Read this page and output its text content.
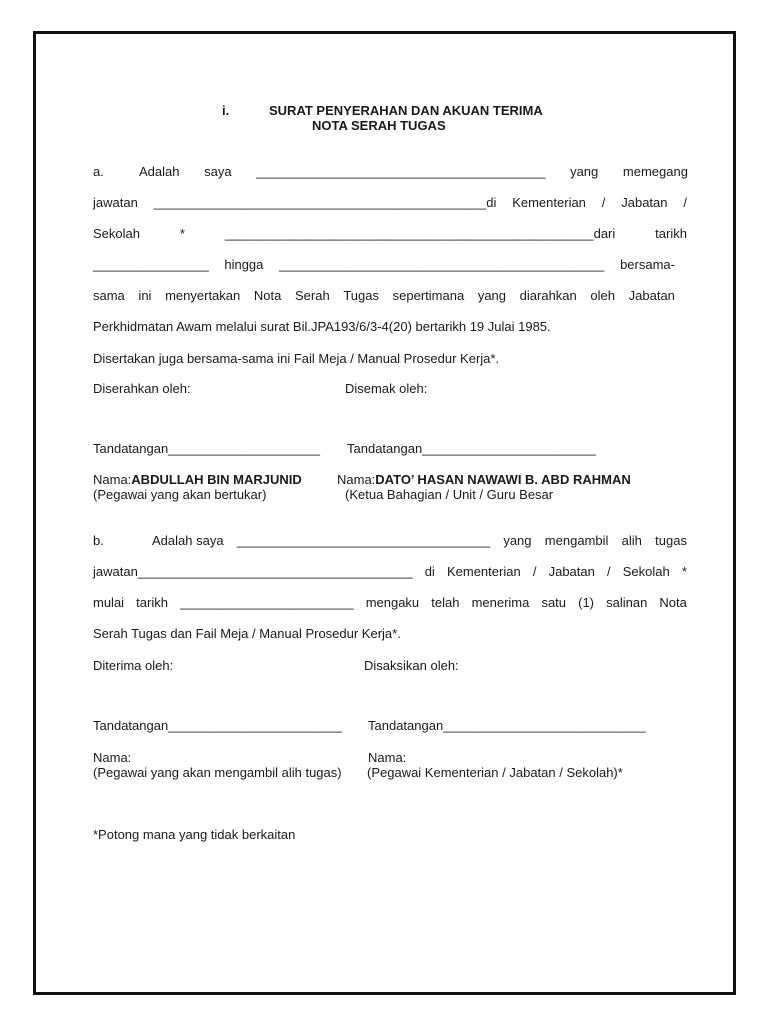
i.	SURAT PENYERAHAN DAN AKUAN TERIMA
NOTA SERAH TUGAS
a.	Adalah saya ________________________________________ yang memegang
jawatan ______________________________________________di Kementerian / Jabatan /
Sekolah	*	___________________________________________________dari	tarikh
________________ hingga _____________________________________________ bersama-
sama ini menyertakan Nota Serah Tugas sepertimana yang diarahkan oleh Jabatan
Perkhidmatan Awam melalui surat Bil.JPA193/6/3-4(20) bertarikh 19 Julai 1985.
Disertakan juga bersama-sama ini Fail Meja / Manual Prosedur Kerja*.
Diserahkan oleh:	Disemak oleh:
Tandatangan_____________________ Tandatangan________________________
Nama:ABDULLAH BIN MARJUNID	Nama:DATO’ HASAN NAWAWI B. ABD RAHMAN
(Pegawai yang akan bertukar)	(Ketua Bahagian / Unit / Guru Besar
b.	Adalah saya ___________________________________ yang mengambil alih tugas
jawatan______________________________________ di Kementerian / Jabatan / Sekolah *
mulai tarikh ________________________ mengaku telah menerima satu (1) salinan Nota
Serah Tugas dan Fail Meja / Manual Prosedur Kerja*.
Diterima oleh:	Disaksikan oleh:
Tandatangan________________________ Tandatangan____________________________
Nama:	Nama:
(Pegawai yang akan mengambil alih tugas) (Pegawai Kementerian / Jabatan / Sekolah)*
*Potong mana yang tidak berkaitan
